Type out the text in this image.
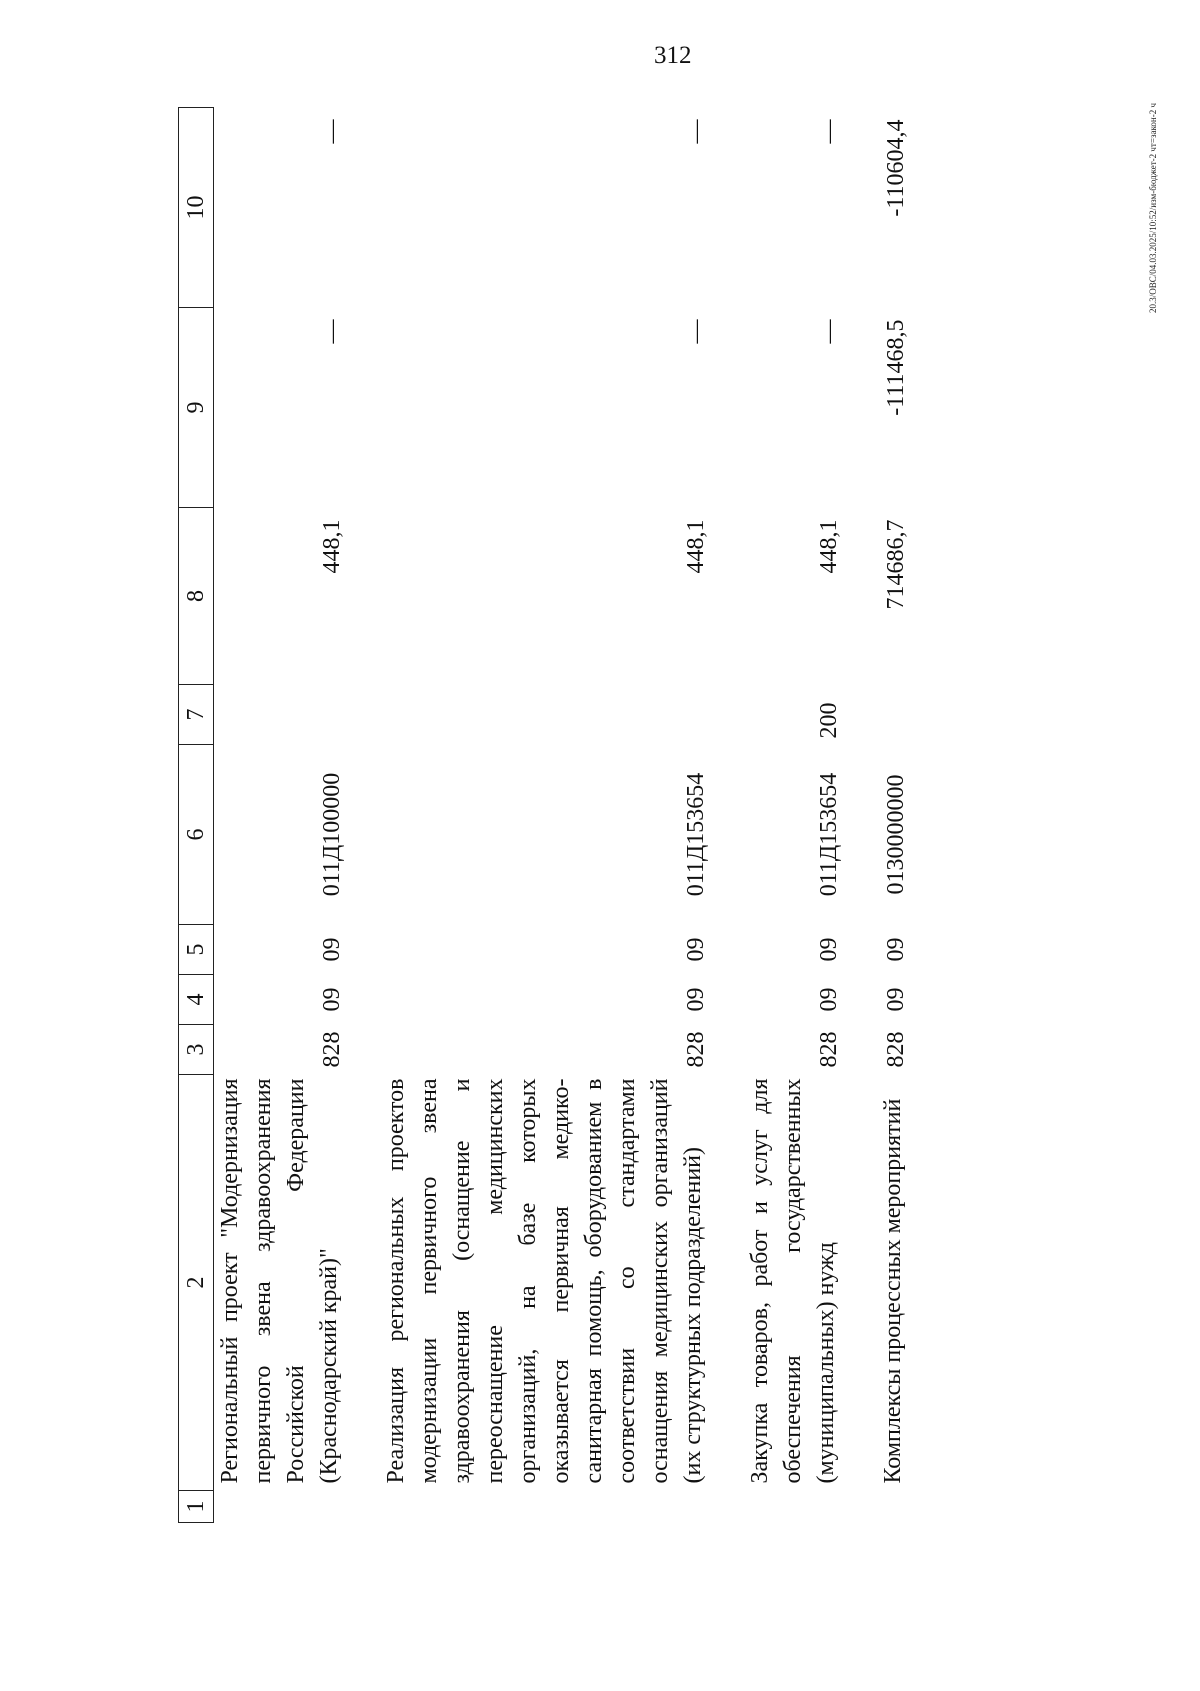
312
20.3/ОВС/04.03.2025/10:52/изм-бюджет-2 чт=закон-2 ч
1	2	3	4	5	6	7	8	9	10
	Региональный проект "Модернизация первичного звена здравоохранения Российской Федерации (Краснодарский край)"	828	09	09	011Д100000		448,1	—	—
	Реализация региональных проектов модернизации первичного звена здравоохранения (оснащение и переоснащение медицинских организаций, на базе которых оказывается первичная медико-санитарная помощь, оборудованием в соответствии со стандартами оснащения медицинских организаций (их структурных подразделений)	828	09	09	011Д153654		448,1	—	—
	Закупка товаров, работ и услуг для обеспечения государственных (муниципальных) нужд	828	09	09	011Д153654	200	448,1	—	—
	Комплексы процессных мероприятий	828	09	09	0130000000		714686,7	-111468,5	-110604,4
